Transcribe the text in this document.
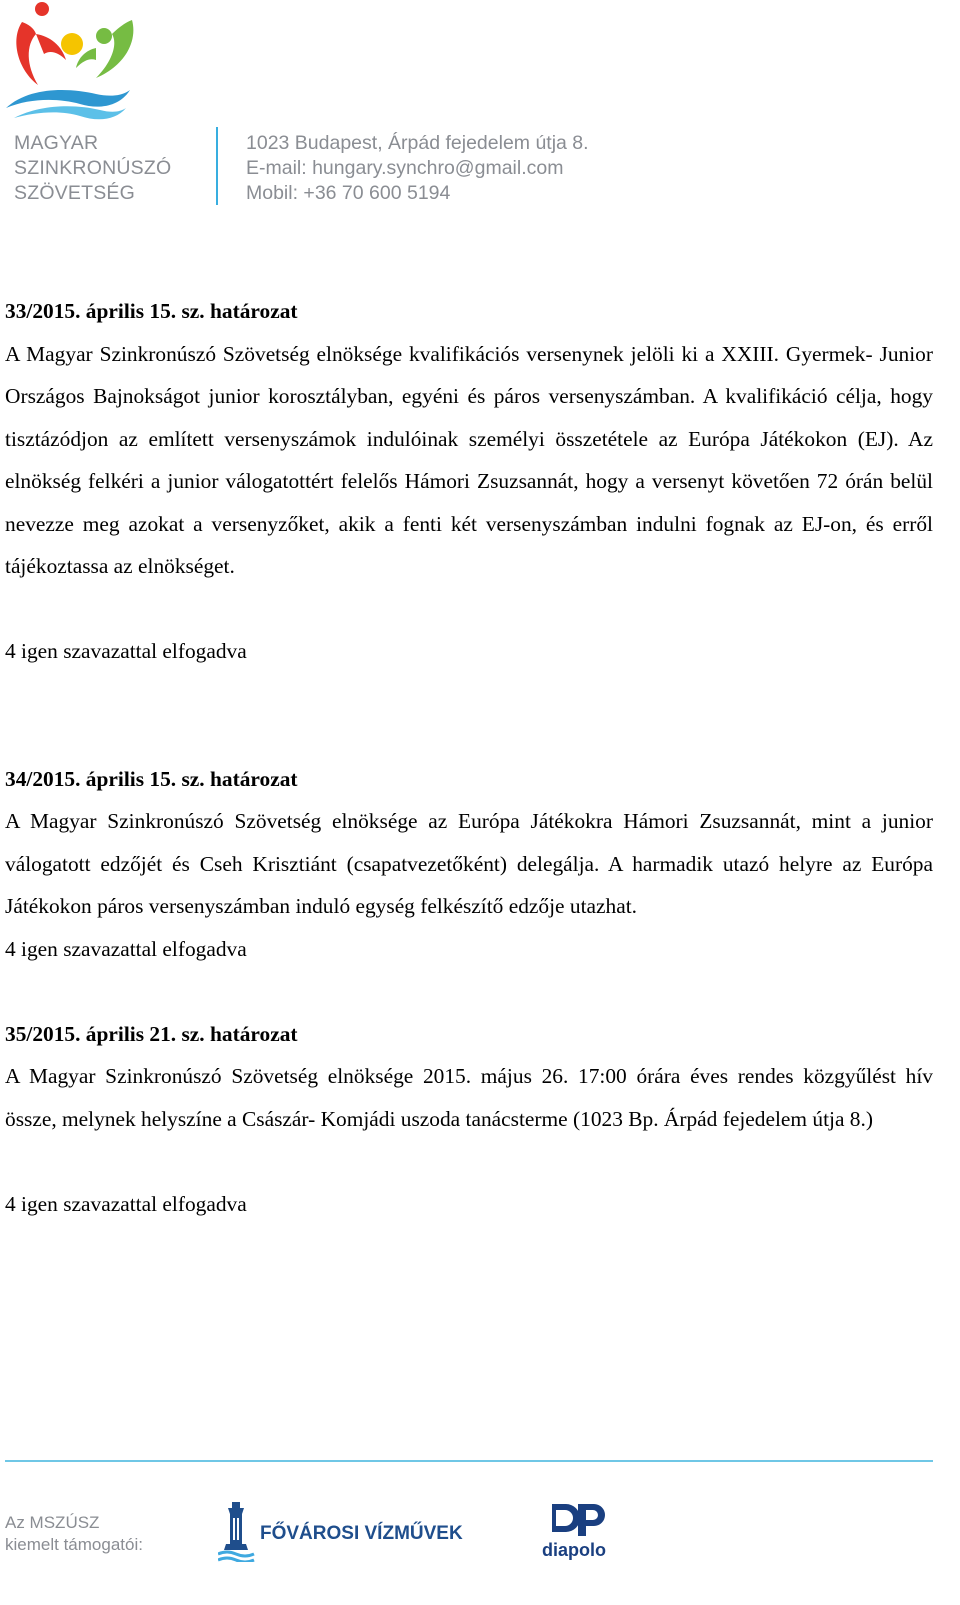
MAGYAR
SZINKRONÚSZÓ
SZÖVETSÉG
1023 Budapest, Árpád fejedelem útja 8.
E-mail: hungary.synchro@gmail.com
Mobil: +36 70 600 5194
33/2015. április 15. sz. határozat
A Magyar Szinkronúszó Szövetség elnöksége kvalifikációs versenynek jelöli ki a XXIII. Gyermek- Junior Országos Bajnokságot junior korosztályban, egyéni és páros versenyszámban. A kvalifikáció célja, hogy tisztázódjon az említett versenyszámok indulóinak személyi összetétele az Európa Játékokon (EJ). Az elnökség felkéri a junior válogatottért felelős Hámori Zsuzsannát, hogy a versenyt követően 72 órán belül nevezze meg azokat a versenyzőket, akik a fenti két versenyszámban indulni fognak az EJ-on, és erről tájékoztassa az elnökséget.
4 igen szavazattal elfogadva
34/2015. április 15. sz. határozat
A Magyar Szinkronúszó Szövetség elnöksége az Európa Játékokra Hámori Zsuzsannát, mint a junior válogatott edzőjét és Cseh Krisztiánt (csapatvezetőként) delegálja. A harmadik utazó helyre az Európa Játékokon páros versenyszámban induló egység felkészítő edzője utazhat.
4 igen szavazattal elfogadva
35/2015. április 21. sz. határozat
A Magyar Szinkronúszó Szövetség elnöksége 2015. május 26. 17:00 órára éves rendes közgyűlést hív össze, melynek helyszíne a Császár- Komjádi uszoda tanácsterme (1023 Bp. Árpád fejedelem útja 8.)
4 igen szavazattal elfogadva
Az MSZÚSZ
kiemelt támogatói:
FŐVÁROSI VÍZMŰVEK
diapolo
